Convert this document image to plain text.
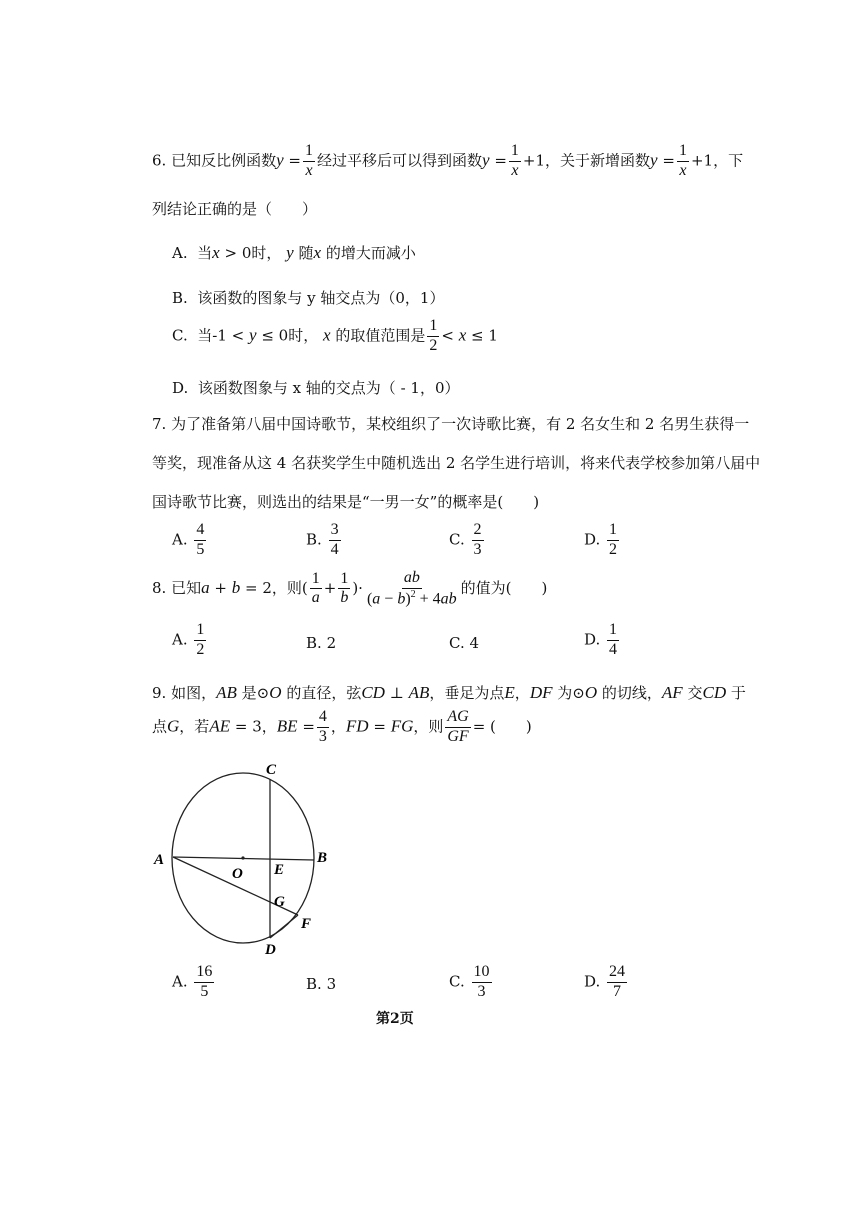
6. 已知反比例函数$y = \frac{1}{x}$ 经过平移后可以得到函数$y = \frac{1}{x} +1$，关于新增函数$y = \frac{1}{x} +1$，下
列结论正确的是（　　）
A. 当x > 0时， y 随x 的增大而减小
B. 该函数的图象与 y 轴交点为（0，1）
C. 当-1 < y ≤ 0时， x 的取值范围是 $\frac{1}{2} < x \le 1$
D. 该函数图象与 x 轴的交点为（ - 1，0）
7. 为了准备第八届中国诗歌节，某校组织了一次诗歌比赛，有 2 名女生和 2 名男生获得一
等奖，现准备从这 4 名获奖学生中随机选出 2 名学生进行培训，将来代表学校参加第八届中
国诗歌节比赛，则选出的结果是“一男一女”的概率是(　　)
A. $\frac{4}{5}$	B. $\frac{3}{4}$	C. $\frac{2}{3}$	D. $\frac{1}{2}$
8. 已知a + b = 2，则( $\frac{1}{a} + \frac{1}{b}$ )· $\frac{ab}{(a - b)^2 + 4ab}$ 的值为(　　)
A. $\frac{1}{2}$	B. 2	C. 4	D. $\frac{1}{4}$
9. 如图，AB 是⊙O 的直径，弦CD ⊥ AB，垂足为点E，DF 为⊙O 的切线，AF 交CD 于
点G，若AE = 3，BE = $\frac{4}{3}$ ，FD = FG，则 $\frac{AG}{GF}$ = (　　)
C
A
O E
B
G
F
D
A. $\frac{16}{5}$	B. 3	C. $\frac{10}{3}$	D. $\frac{24}{7}$
第2页
